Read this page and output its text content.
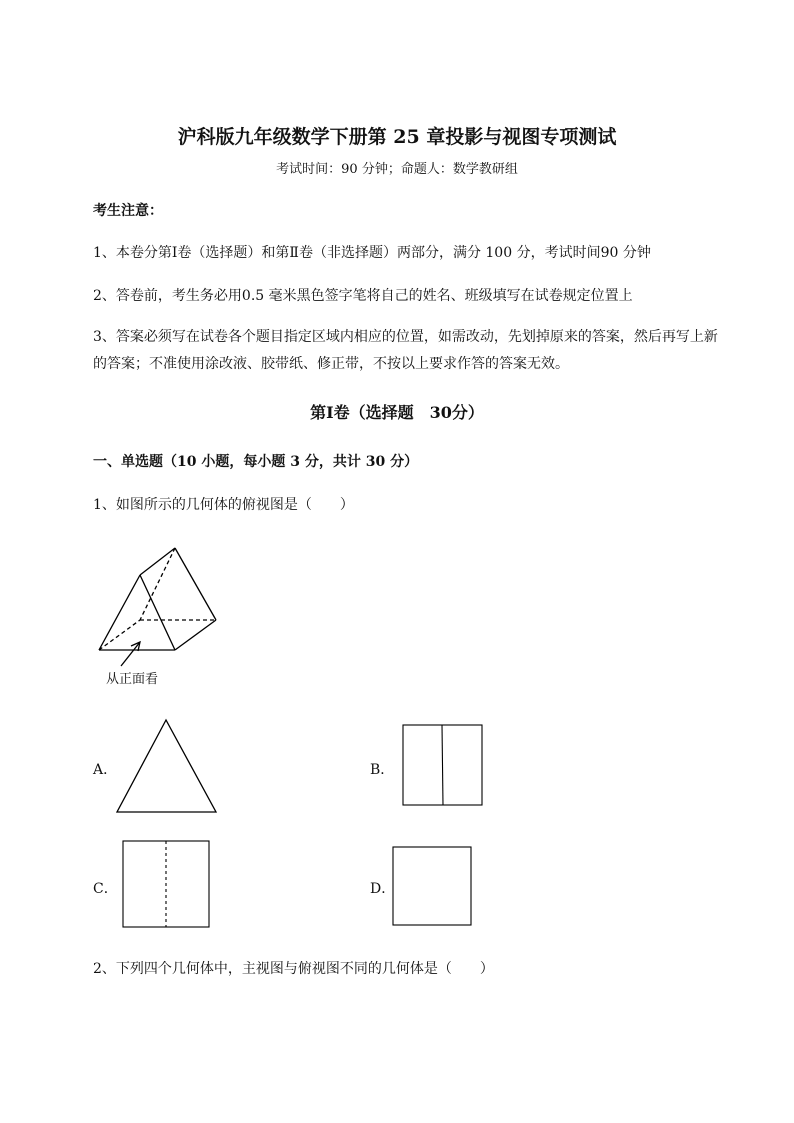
沪科版九年级数学下册第 25 章投影与视图专项测试
考试时间：90 分钟；命题人：数学教研组
考生注意：
1、本卷分第Ⅰ卷（选择题）和第Ⅱ卷（非选择题）两部分，满分 100 分，考试时间90 分钟
2、答卷前，考生务必用0.5 毫米黑色签字笔将自己的姓名、班级填写在试卷规定位置上
3、答案必须写在试卷各个题目指定区域内相应的位置，如需改动，先划掉原来的答案，然后再写上新
的答案；不准使用涂改液、胶带纸、修正带，不按以上要求作答的答案无效。
第Ⅰ卷（选择题　30分）
一、单选题（10 小题，每小题 3 分，共计 30 分）
1、如图所示的几何体的俯视图是（　　）
从正面看
A．	B．
C．	D．
2、下列四个几何体中，主视图与俯视图不同的几何体是（　　）
